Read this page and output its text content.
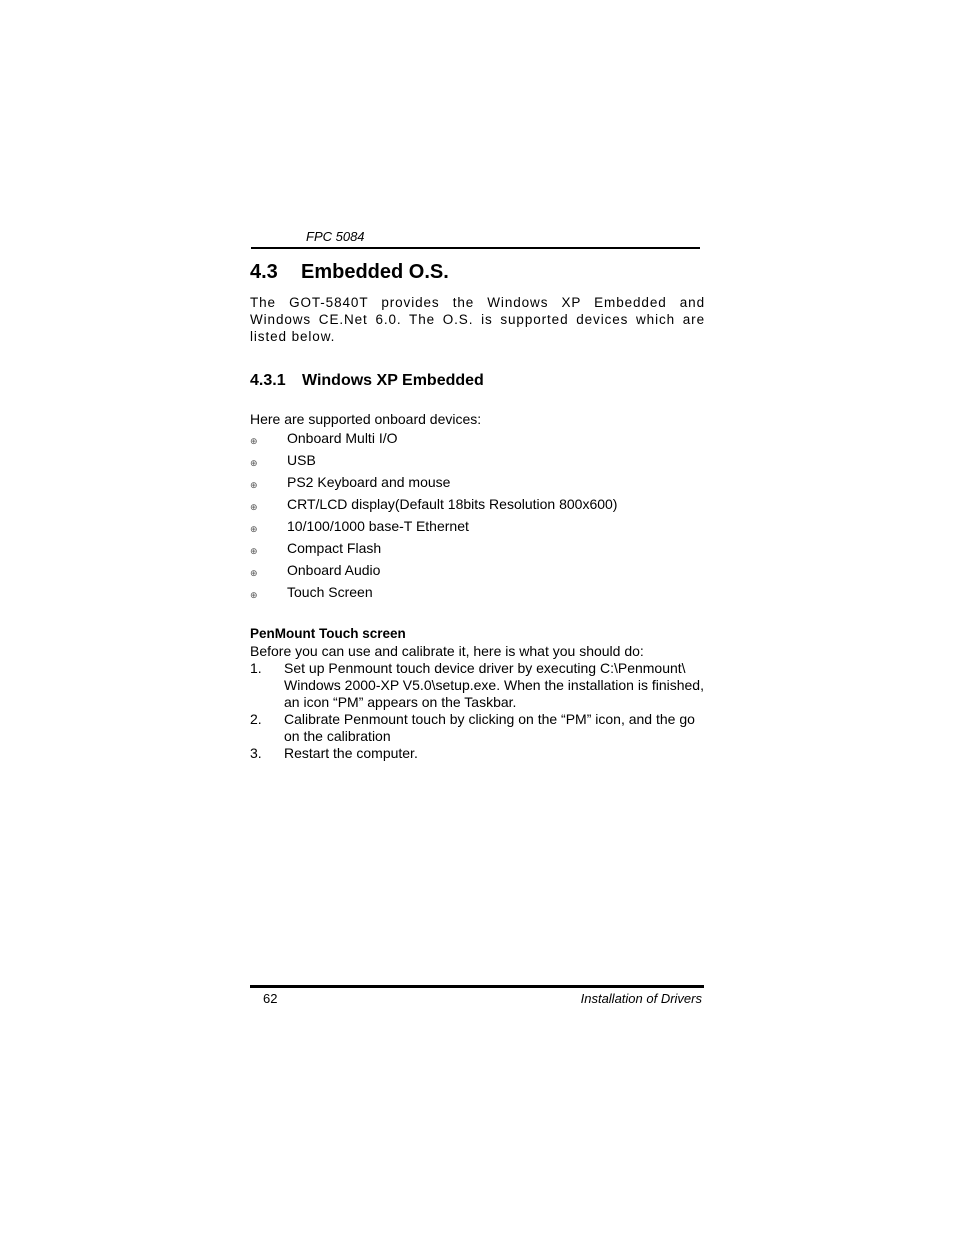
FPC 5084
4.3 Embedded O.S.
The GOT-5840T provides the Windows XP Embedded and Windows CE.Net 6.0. The O.S. is supported devices which are listed below.
4.3.1 Windows XP Embedded
Here are supported onboard devices:
⊕ Onboard Multi I/O
⊕ USB
⊕ PS2 Keyboard and mouse
⊕ CRT/LCD display(Default 18bits Resolution 800x600)
⊕ 10/100/1000 base-T Ethernet
⊕ Compact Flash
⊕ Onboard Audio
⊕ Touch Screen
PenMount Touch screen
Before you can use and calibrate it, here is what you should do:
1. Set up Penmount touch device driver by executing C:\Penmount\ Windows 2000-XP V5.0\setup.exe. When the installation is finished, an icon “PM” appears on the Taskbar.
2. Calibrate Penmount touch by clicking on the “PM” icon, and the go on the calibration
3. Restart the computer.
62	Installation of Drivers
